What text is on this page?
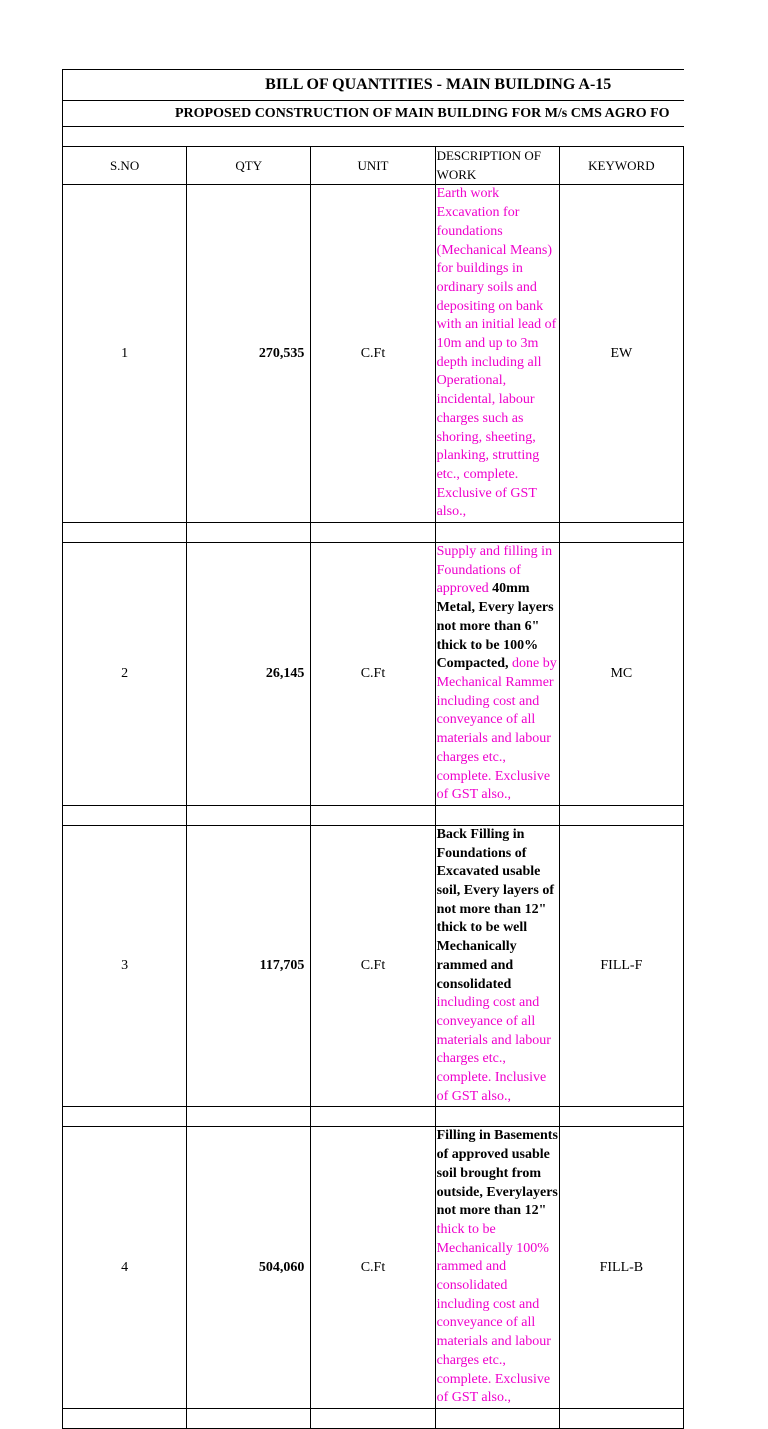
BILL OF QUANTITIES - MAIN BUILDING A-15				
PROPOSED CONSTRUCTION OF MAIN BUILDING FOR M/s CMS AGRO FO				

S.NO	QTY	UNIT	DESCRIPTION OF WORK	KEYWORD
1	270,535	C.Ft	Earth work Excavation for foundations (Mechanical Means) for buildings in ordinary soils and depositing on bank with an initial lead of 10m and up to 3m depth including all Operational, incidental, labour charges such as shoring, sheeting, planking, strutting etc., complete. Exclusive of GST also.,	EW

2	26,145	C.Ft	Supply and filling in Foundations of approved 40mm Metal, Every layers not more than 6" thick to be 100% Compacted, done by Mechanical Rammer including cost and conveyance of all materials and labour charges etc., complete. Exclusive of GST also.,	MC

3	117,705	C.Ft	Back Filling in Foundations of Excavated usable soil, Every layers of not more than 12" thick to be well Mechanically rammed and consolidated including cost and conveyance of all materials and labour charges etc., complete. Inclusive of GST also.,	FILL-F

4	504,060	C.Ft	Filling in Basements of approved usable soil brought from outside, Everylayers not more than 12" thick to be Mechanically 100% rammed and consolidated including cost and conveyance of all materials and labour charges etc., complete. Exclusive of GST also.,	FILL-B
